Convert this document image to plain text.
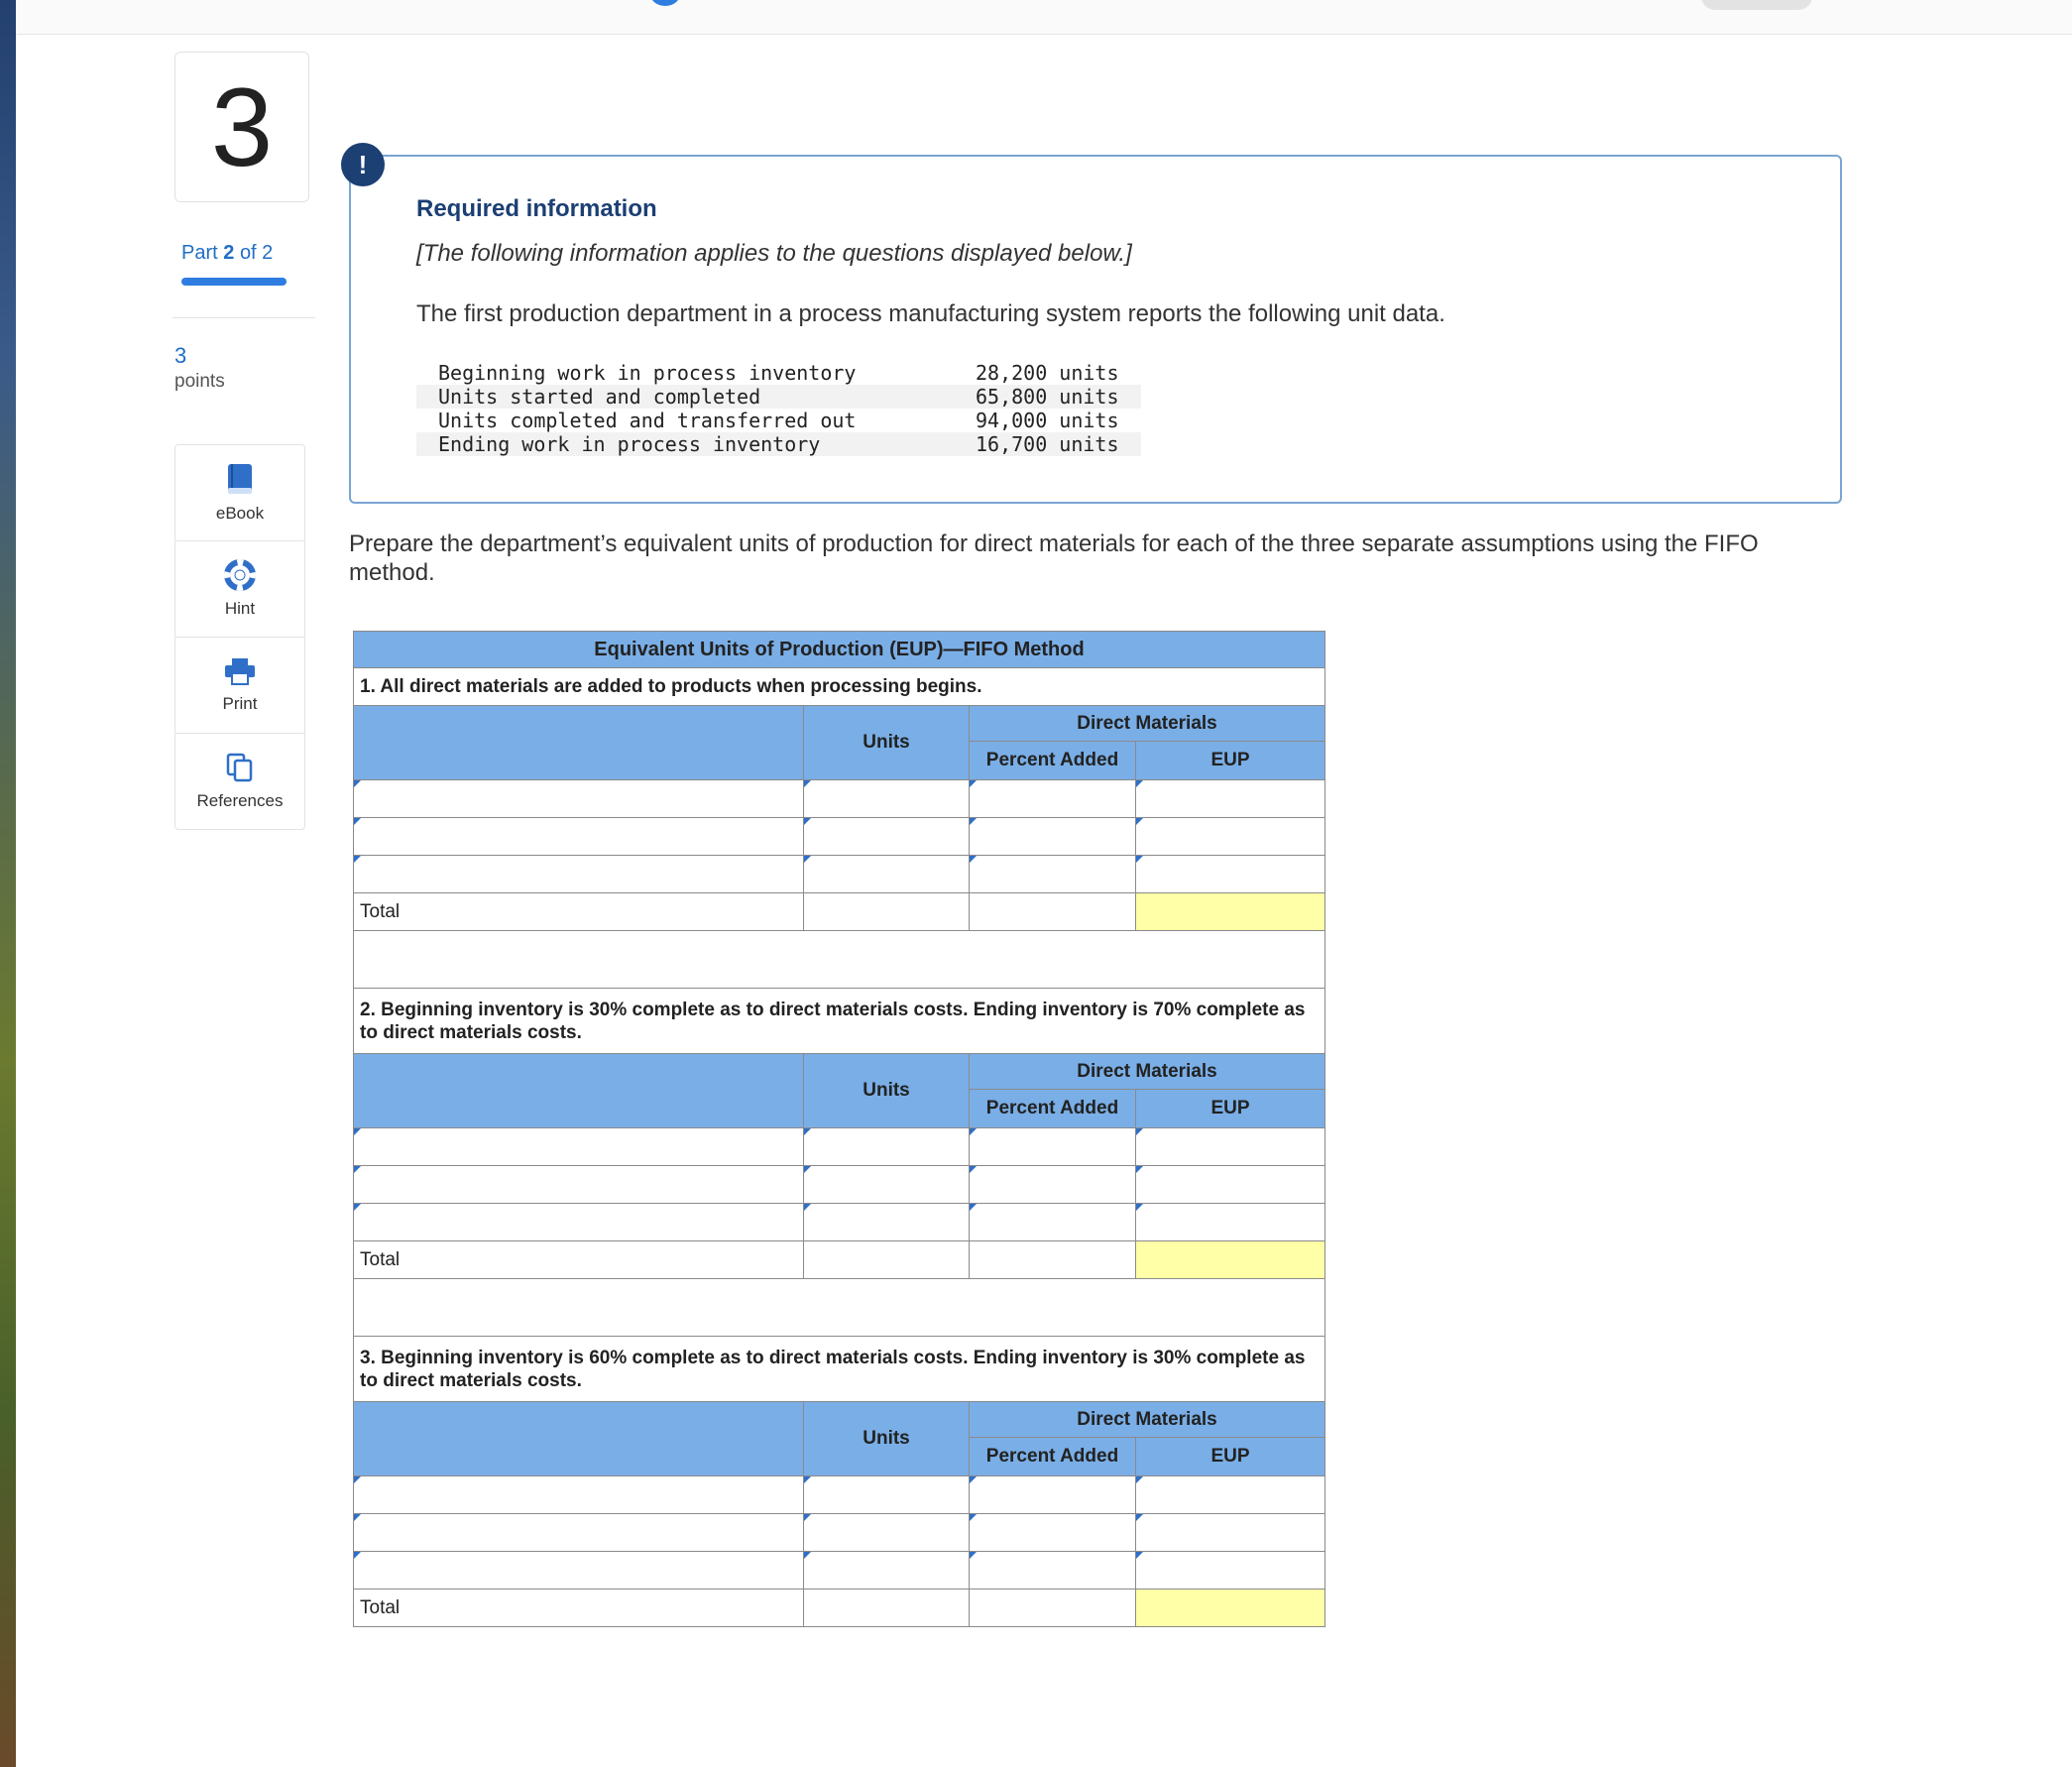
3
Part 2 of 2
3
points
eBook
Hint
Print
References
!
Required information
[The following information applies to the questions displayed below.]
The first production department in a process manufacturing system reports the following unit data.
Beginning work in process inventory	28,200 units
Units started and completed	65,800 units
Units completed and transferred out	94,000 units
Ending work in process inventory	16,700 units
Prepare the department’s equivalent units of production for direct materials for each of the three separate assumptions using the FIFO method.
Equivalent Units of Production (EUP)—FIFO Method			
1. All direct materials are added to products when processing begins.			
	Units	Direct Materials	
		Percent Added	EUP

Total			

2. Beginning inventory is 30% complete as to direct materials costs. Ending inventory is 70% complete as to direct materials costs.			
	Units	Direct Materials	
		Percent Added	EUP

Total			

3. Beginning inventory is 60% complete as to direct materials costs. Ending inventory is 30% complete as to direct materials costs.			
	Units	Direct Materials	
		Percent Added	EUP

Total			
